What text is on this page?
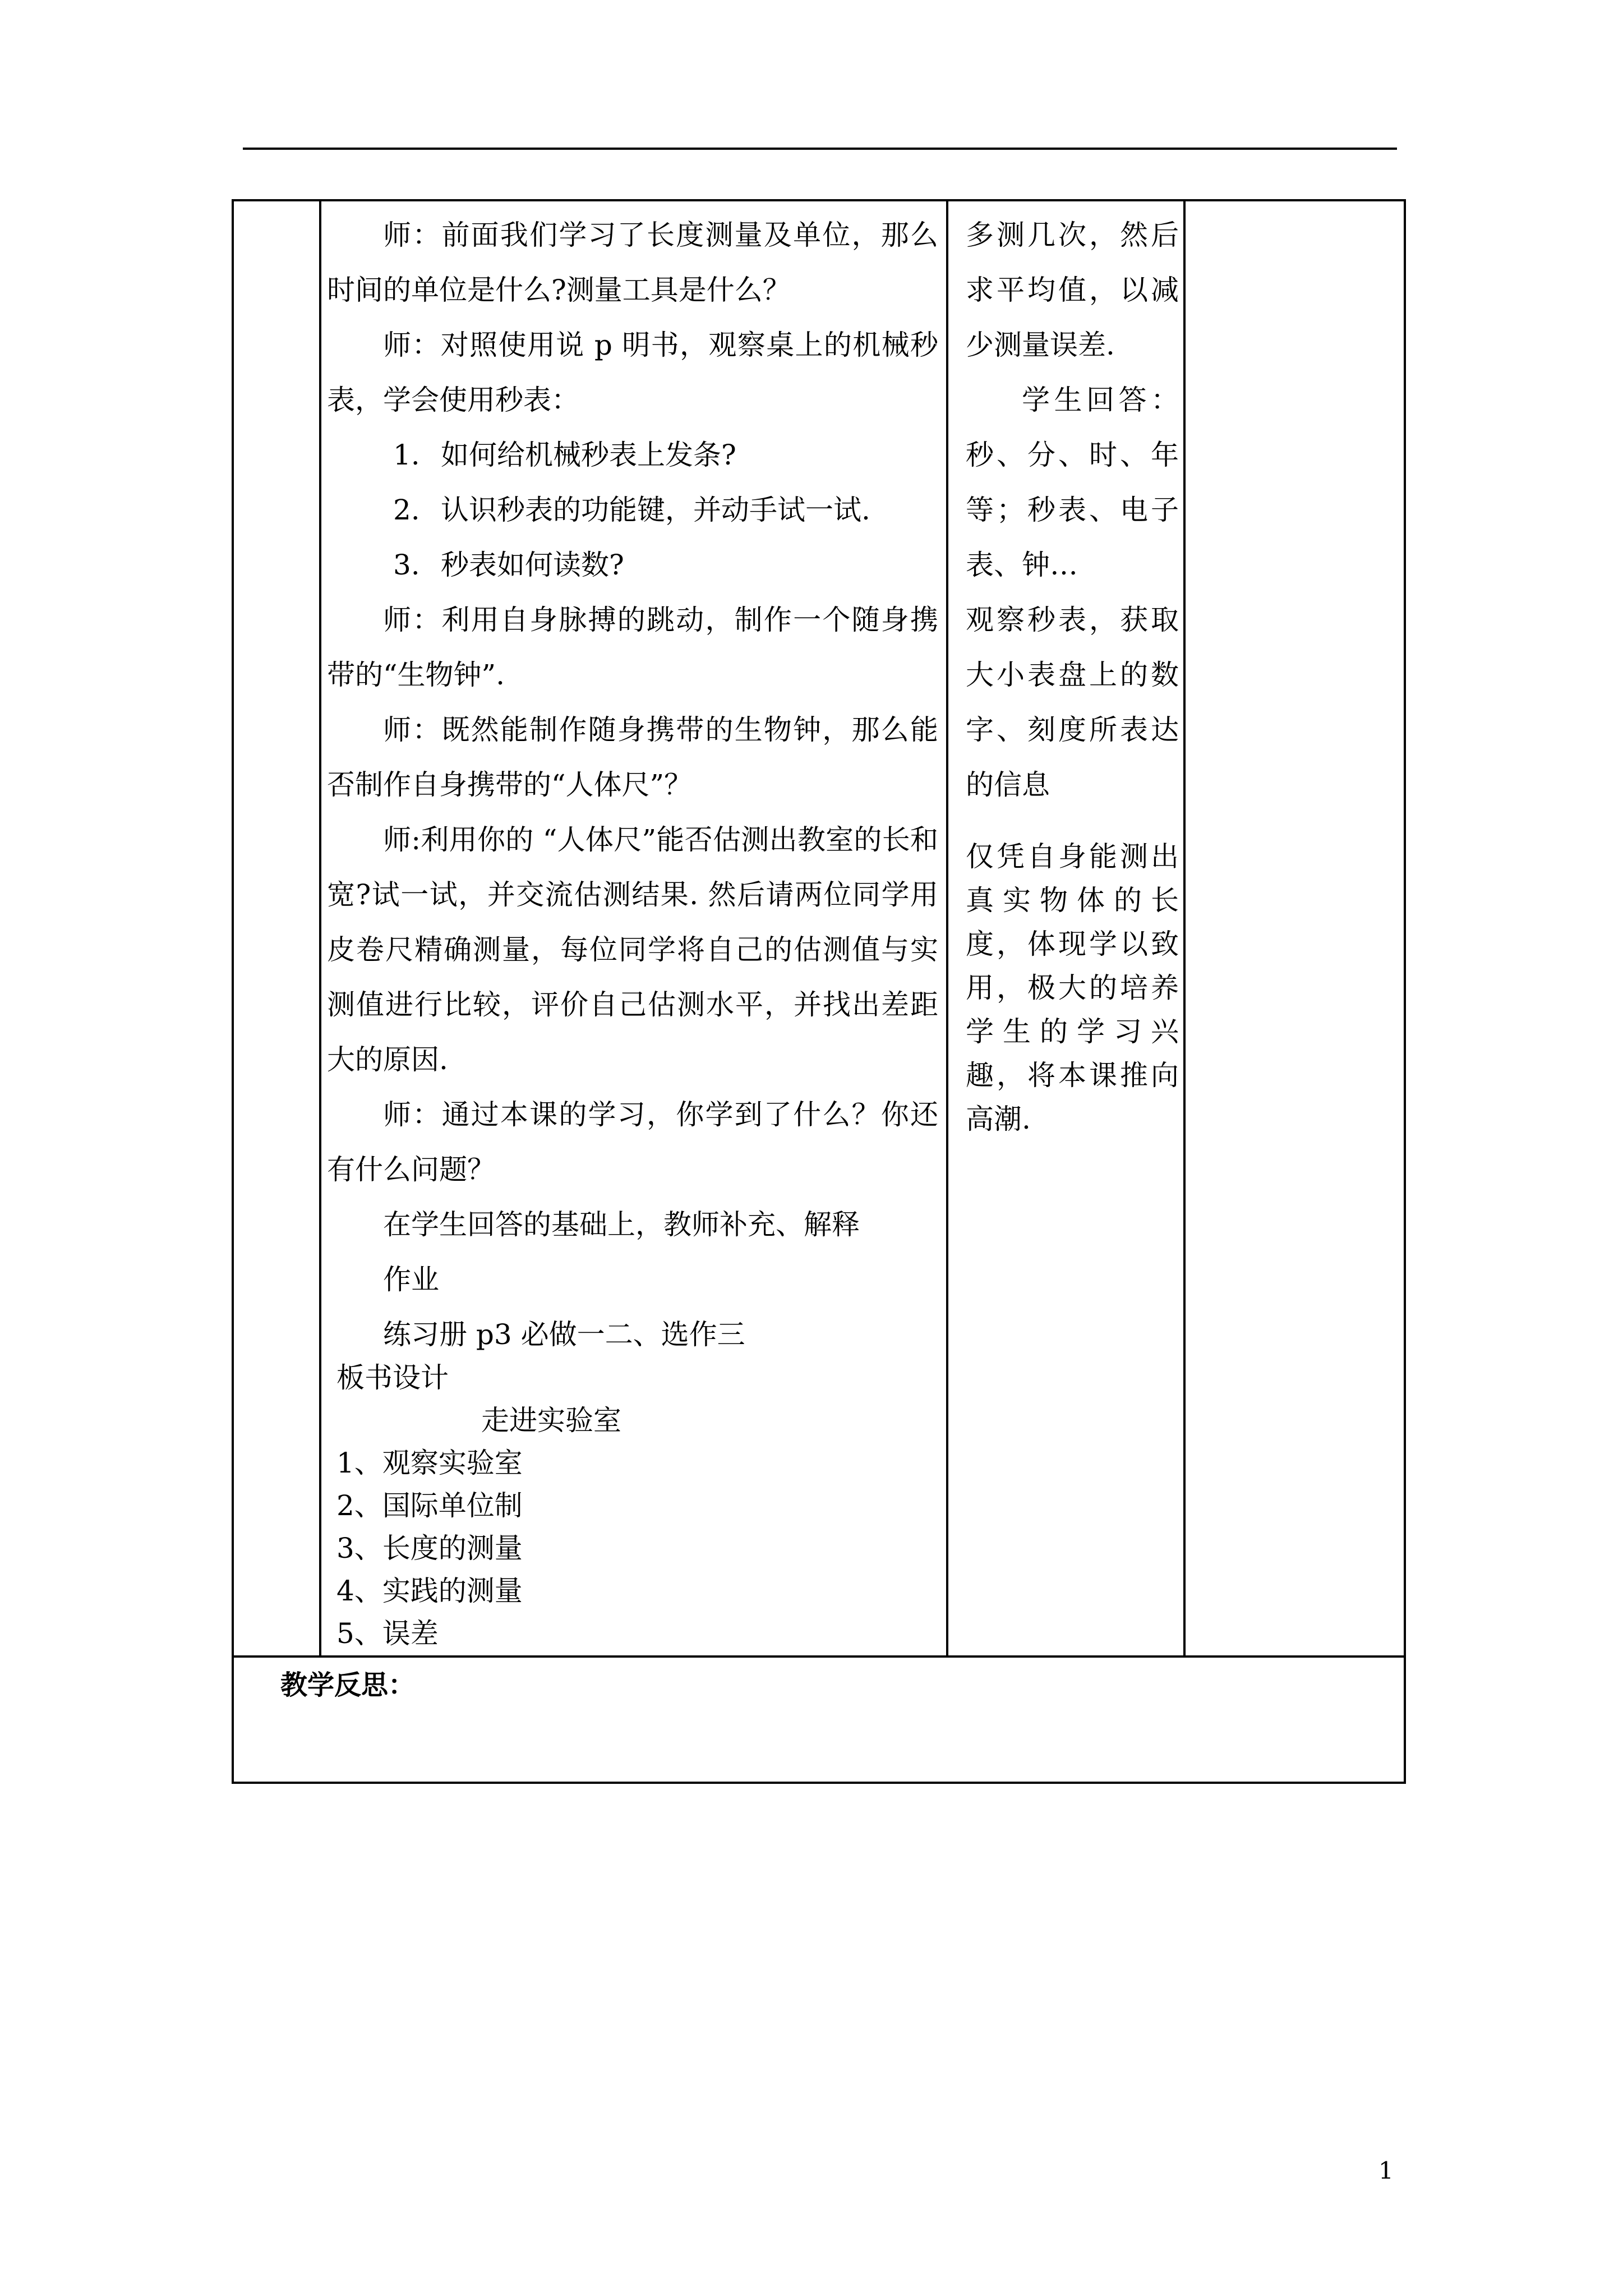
师：前面我们学习了长度测量及单位，那么时间的单位是什么?测量工具是什么？

师：对照使用说 p 明书，观察桌上的机械秒表，学会使用秒表：

1. 如何给机械秒表上发条?

2. 认识秒表的功能键，并动手试一试.

3. 秒表如何读数?

师：利用自身脉搏的跳动，制作一个随身携带的“生物钟”.

师：既然能制作随身携带的生物钟，那么能否制作自身携带的“人体尺”？

师:利用你的 “人体尺”能否估测出教室的长和宽?试一试，并交流估测结果. 然后请两位同学用皮卷尺精确测量，每位同学将自己的估测值与实测值进行比较，评价自己估测水平，并找出差距大的原因.

师：通过本课的学习，你学到了什么？你还有什么问题？

在学生回答的基础上，教师补充、解释

作业

练习册 p3 必做一二、选作三

板书设计

走进实验室

1、观察实验室

2、国际单位制

3、长度的测量

4、实践的测量

5、误差

多测几次，然后求平均值，以减少测量误差.

学生回答：秒、分、时、年等；秒表、电子表、钟…

观察秒表，获取大小表盘上的数字、刻度所表达的信息

仅凭自身能测出真实物体的长度，体现学以致用，极大的培养学生的学习兴趣，将本课推向高潮.

教学反思：
1
